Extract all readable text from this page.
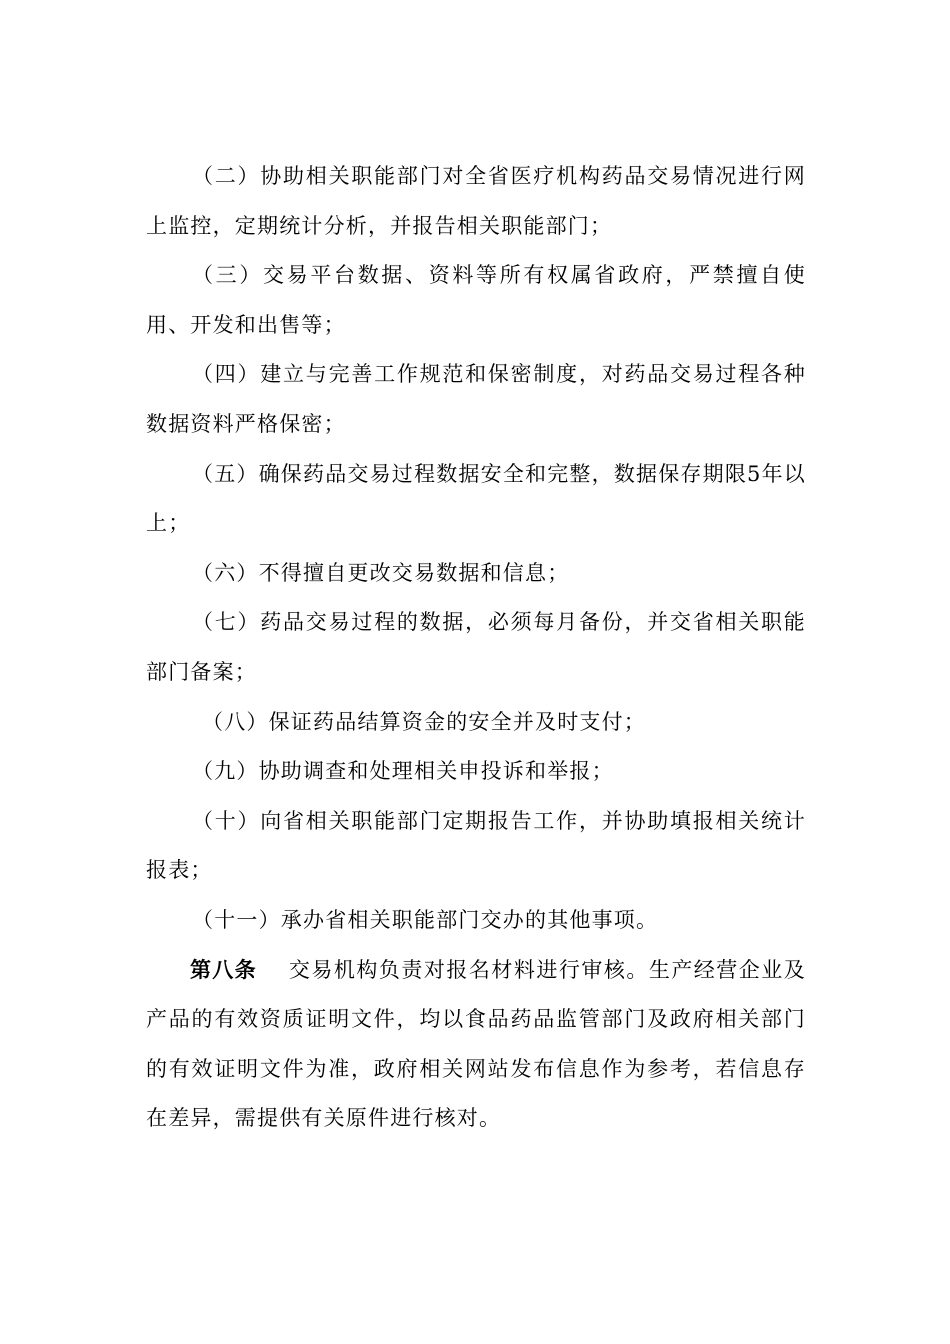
（二）协助相关职能部门对全省医疗机构药品交易情况进行网上监控，定期统计分析，并报告相关职能部门；

（三）交易平台数据、资料等所有权属省政府，严禁擅自使用、开发和出售等；

（四）建立与完善工作规范和保密制度，对药品交易过程各种数据资料严格保密；

（五）确保药品交易过程数据安全和完整，数据保存期限5年以上；

（六）不得擅自更改交易数据和信息；

（七）药品交易过程的数据，必须每月备份，并交省相关职能部门备案；

（八）保证药品结算资金的安全并及时支付；

（九）协助调查和处理相关申投诉和举报；

（十）向省相关职能部门定期报告工作，并协助填报相关统计报表；

（十一）承办省相关职能部门交办的其他事项。

第八条 交易机构负责对报名材料进行审核。生产经营企业及产品的有效资质证明文件，均以食品药品监管部门及政府相关部门的有效证明文件为准，政府相关网站发布信息作为参考，若信息存在差异，需提供有关原件进行核对。
